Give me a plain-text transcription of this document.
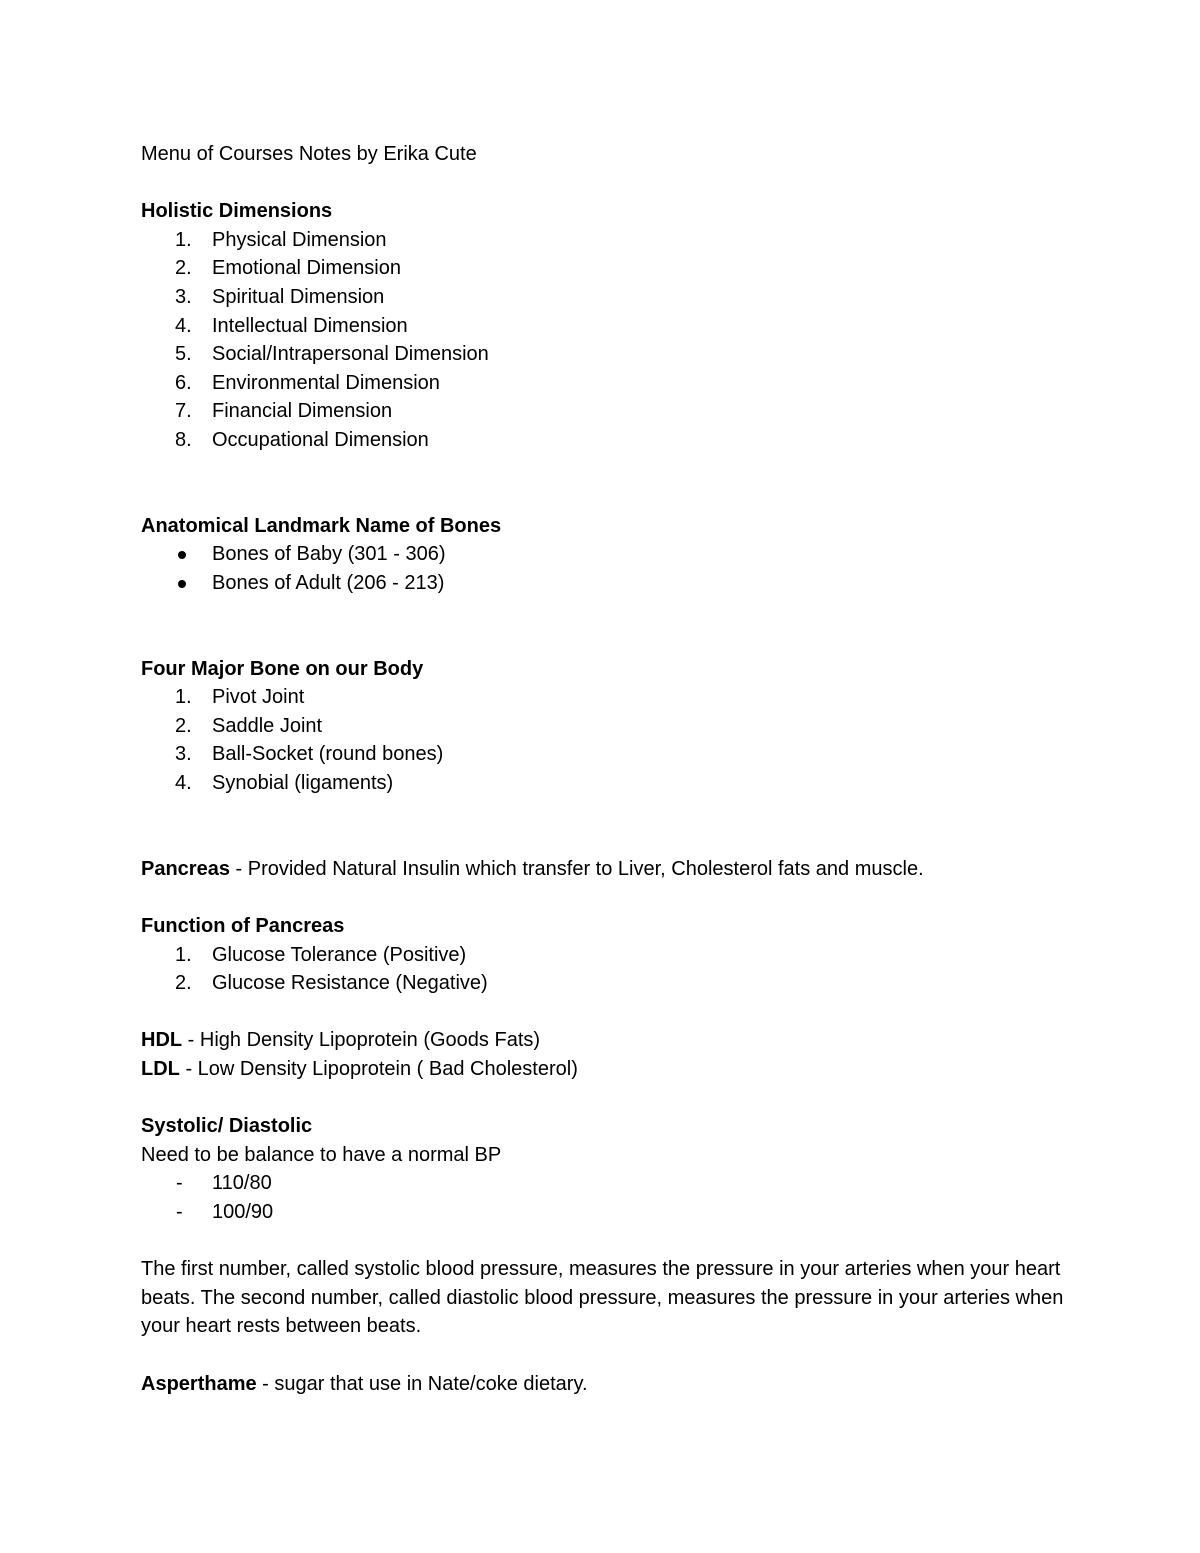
Menu of Courses Notes by Erika Cute
Holistic Dimensions
1. Physical Dimension
2. Emotional Dimension
3. Spiritual Dimension
4. Intellectual Dimension
5. Social/Intrapersonal Dimension
6. Environmental Dimension
7. Financial Dimension
8. Occupational Dimension
Anatomical Landmark Name of Bones
Bones of Baby (301 - 306)
Bones of Adult (206 - 213)
Four Major Bone on our Body
1. Pivot Joint
2. Saddle Joint
3. Ball-Socket (round bones)
4. Synobial (ligaments)
Pancreas - Provided Natural Insulin which transfer to Liver, Cholesterol fats and muscle.
Function of Pancreas
1. Glucose Tolerance (Positive)
2. Glucose Resistance (Negative)
HDL - High Density Lipoprotein (Goods Fats)
LDL - Low Density Lipoprotein ( Bad Cholesterol)
Systolic/ Diastolic
Need to be balance to have a normal BP
- 110/80
- 100/90
The first number, called systolic blood pressure, measures the pressure in your arteries when your heart beats. The second number, called diastolic blood pressure, measures the pressure in your arteries when your heart rests between beats.
Asperthame - sugar that use in Nate/coke dietary.
